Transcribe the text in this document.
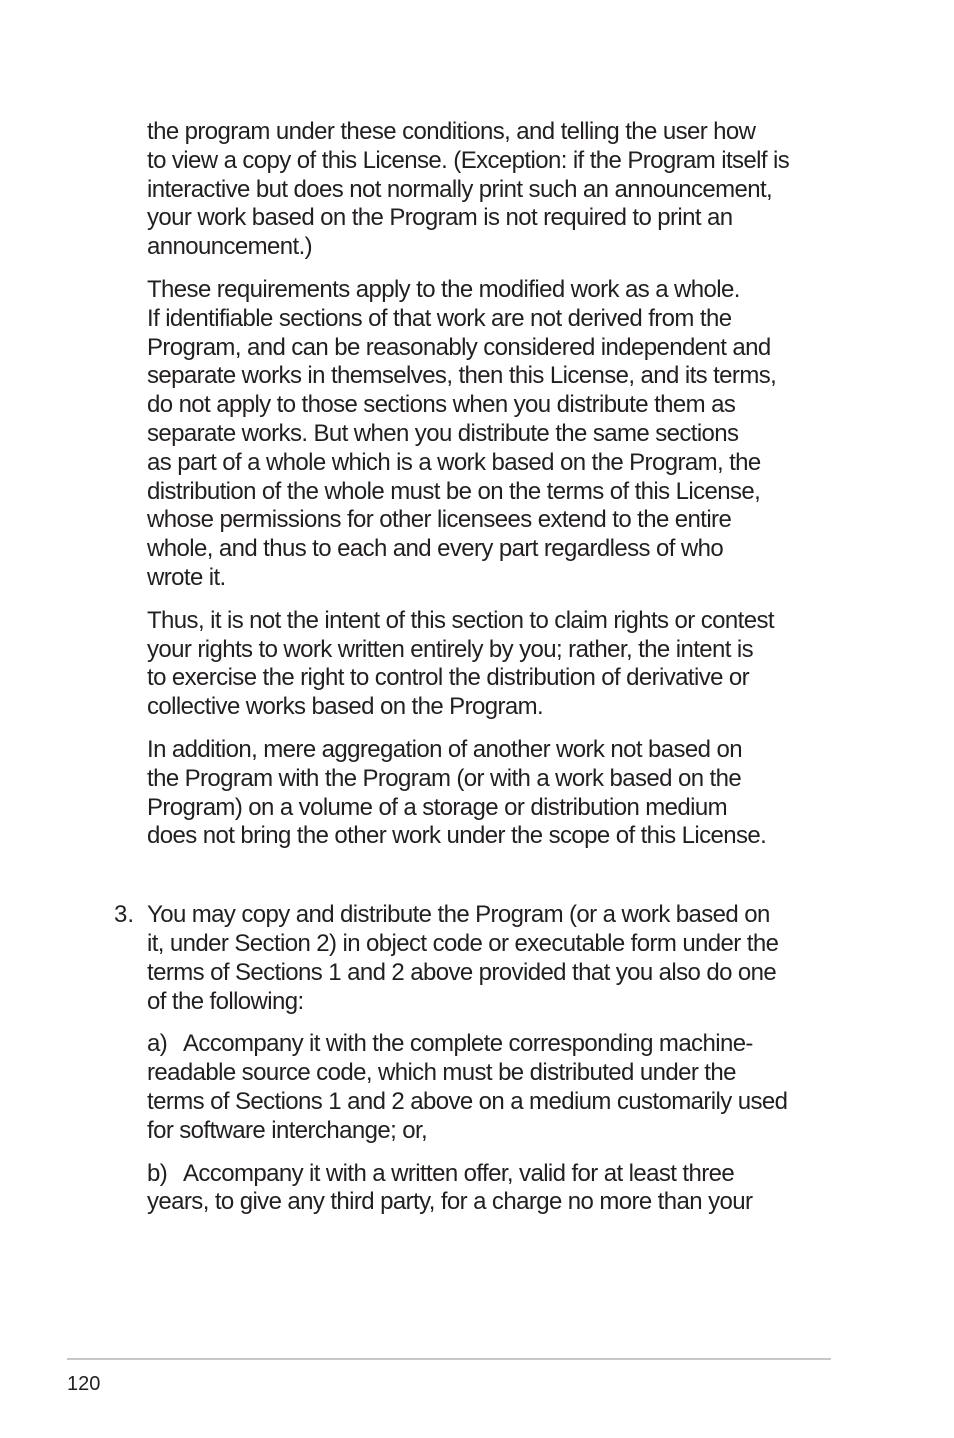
the program under these conditions, and telling the user how
to view a copy of this License. (Exception: if the Program itself is
interactive but does not normally print such an announcement,
your work based on the Program is not required to print an
announcement.)

These requirements apply to the modified work as a whole.
If identifiable sections of that work are not derived from the
Program, and can be reasonably considered independent and
separate works in themselves, then this License, and its terms,
do not apply to those sections when you distribute them as
separate works. But when you distribute the same sections
as part of a whole which is a work based on the Program, the
distribution of the whole must be on the terms of this License,
whose permissions for other licensees extend to the entire
whole, and thus to each and every part regardless of who
wrote it.

Thus, it is not the intent of this section to claim rights or contest
your rights to work written entirely by you; rather, the intent is
to exercise the right to control the distribution of derivative or
collective works based on the Program.

In addition, mere aggregation of another work not based on
the Program with the Program (or with a work based on the
Program) on a volume of a storage or distribution medium
does not bring the other work under the scope of this License.

3. You may copy and distribute the Program (or a work based on
it, under Section 2) in object code or executable form under the
terms of Sections 1 and 2 above provided that you also do one
of the following:

a) Accompany it with the complete corresponding machine-
readable source code, which must be distributed under the
terms of Sections 1 and 2 above on a medium customarily used
for software interchange; or,

b) Accompany it with a written offer, valid for at least three
years, to give any third party, for a charge no more than your

120
